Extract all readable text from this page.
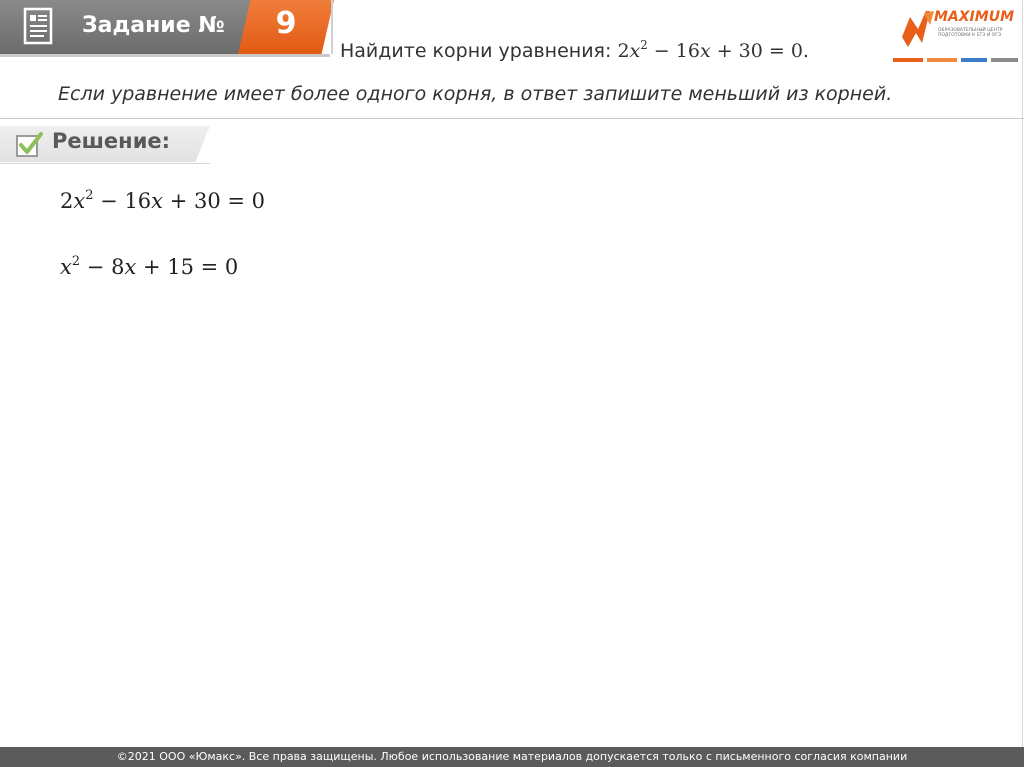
Задание №	9
Найдите корни уравнения: $2x^2 - 16x + 30 = 0$.
MAXIMUM
ОБРАЗОВАТЕЛЬНЫЙ ЦЕНТР ПОДГОТОВКИ К ЕГЭ И ОГЭ
Если уравнение имеет более одного корня, в ответ запишите меньший из корней.
Решение:
$2x^2 - 16x + 30 = 0$
$x^2 - 8x + 15 = 0$
©2021 ООО «Юмакс». Все права защищены. Любое использование материалов допускается только с письменного согласия компании
